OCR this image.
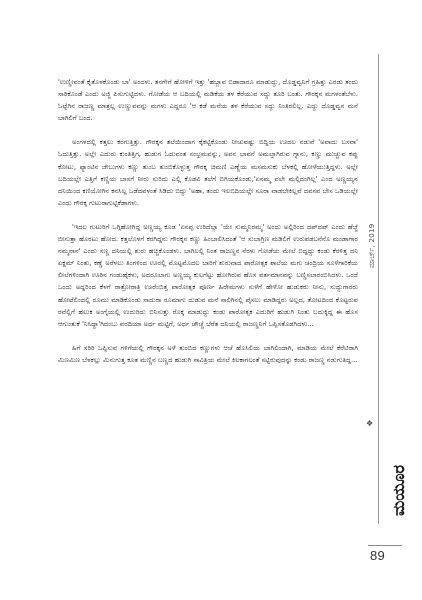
'ಉಣ್ಣೀವಂತೆ ಕೈತೊಳಕೊಂಡು ಬಾ' ಅಂದಳು. ತನಗೇಗೆ ಹೋಳಿಗೆ ಇತ್ತು 'ಹಬ್ಬಾವ ಬಿಡಾದಾರೂ ಮಾಡುದ್ದು, ದೊಡ್ಡವ್ವನಿಗೆ ಗ್ರಹಿತ್ತು ಎರಡು ತಂದು ಸಾರಿಕೊಂಡೆ ಎಂದು ಅಜ್ಜಿ ಪಿಸುಗುಟ್ಟಿದಳು. ಗೋಡೆಯ ಆ ಬದಿಯಲ್ಲಿ ಮಡಿಕೆಯ ತಳ ಕೆರೆಯುವ ಸದ್ದು ತೂರಿ ಬಂತು. ಗೌರಕ್ಕನ ಮಗಳಂತೆಬೆಳು. ಓಟ್ಟೆಗಿನ ರಾಜಣ್ಣ ಮಾತ್ರಲ್ಲ ಉಣ್ಣುವವನ್ನು ಮಗಳು ಎದ್ದರೂ 'ಆ ಕಡೆ ಮನೆಯ ತಳ ಕೆರೆಯುವ ಸದ್ದು ನಿಂತಿರಲಿಲ್ಲ. ಎದ್ದು ದೊಡ್ಡವ್ವನ ಮನೆ ಬಾಗಿಲಿಗೆ ಬಂದ.

ಅಂಗಳದಲ್ಲಿ ಕತ್ತಲು ಕರಗುತ್ತಿತ್ತು. ಗೌರಕ್ಕನ ತಲೆಯಿಂದಾಗ ಕೈಕಟ್ಟಿಕೊಂಡು ನೀಚುವಷ್ಟು ಬಿದ್ದಿಯ ಊದಲ ನಡುವೆ 'ಅವಾದು ಬಸವಾ' ಓದುತ್ತಿತ್ತು. ಅಲ್ಲೇ ಎದುರು ಕುಂತಿತ್ತಿಗ, ಹುಡುಗ ಓದುವಂತ ಸಂಭ್ರಮವನ್ನು, ಅವನ ಭಾವನೆ ಅಮಲ್ತಾಗಿರುವ ಗ್ನಾನು, ಕಣ್ಣು ಮುಚ್ಚುವ ಕಪ್ಪು ಕೋಟು, ಫ್ಯಾಂಟಿನ ಜೇಬುಗಳು ಕಣ್ಣು ತುಂಬ ತುಂಬಿಕೊಳ್ಳುತ್ತ ಗೌರಕ್ಕ ಚಿಮಣಿ ಎಣ್ಣೆಯ ಮಸಮಸುಕು ಬೆಳಕಲ್ಲಿ ಹೋಳೆಯುತ್ತಿದ್ದಳು. ಅಲ್ಲೇ ಬದಿಯಲ್ಲೇ ಎತ್ತಿಗೆ ಕಣ್ಣಿಯ ಬಾಸಗೆ ನೀರು ಸುರಿದು ಎಲ್ಲಿ ಕೊಡವಿ ತಲೆಗೆ ಬಿಗಿಯಕೊಂಡು,'ಏನಮ್ಮ ವಲೇ ಮಲ್ಗಿದಂಗಿಲ್ಲ' ಎಂದ ಅಣ್ಣಯ್ಯನ ದನಿಯಿಂದ ಕಣಿಯೋಗಿನ ಕನಸಿಲ್ಲ ಒಡೆದವಳಂತೆ ಸಿಡಿದು ಬಿದ್ದು 'ಅಹಾ, ತಂದು ಇಲಬಿದಿಯಲ್ಲೇ ಸೂರಾ ವಾಡಬೇಕಿಲ್ಲವೆ ದವಸವ ಬೇಸ ಒಡಿಯಲ್ಲೇ ಎಂದು ಗೌರಕ್ಕ ಗುಟುರಾಗುಟ್ಟಿಕೆಡಾಗಳು.

'ಇದಲ ಗುಟುರಿಗೆ ಒಗ್ಗಿಹೋಗಿದ್ದ ಅಣ್ಣಯ್ಯ ಕೂಡ 'ಏನಪ್ಪ ಉರಿದೆಲ್ಲಾ 'ಯೇ ಸುಮ್ಮನಿರಮ್ಮ' ಅಂದು ಅಲ್ಲಿರಿಂದ ದಪ್‌ದಪ್ ಎಂದು ಹೆಜ್ಜೆ ಬೀಸುತ್ತಾ ಹೊರಟು ಹೋದ. ಕತ್ತಲೊಳಗೆ ಕರಗಿದ್ದನು ಗೌರಕ್ಕನ ಕಣ್ಣು ಹಿಂಬಾಲಿಸಿದಂತೆ 'ಆ ಸುಬಾಗ್ರಿಣ ಮಡಿಲಿಗೆ ಉರುಪಡಬನೆನೊ ಮಂಡಾಗಾರ ನಮ್ಮನಾನ' ಎಂದು ಸಣ್ಣ ದನಿಯಲ್ಲಿ ಶುರು ಹಚ್ಚಿಕೊಂಡಳು. ಬಾಗಿಲಲ್ಲಿ ನಿಂತ ರಾಜಣ್ಣನ ನೆರಳು ಗೋಡೆಯ ಮೇಲೆ ಬಿದ್ದದ್ದು ಕಂಡು ಕೆರಳಿತ್ತ ದನಿ ಏಕ್ದಮ್ ನಿಂತು, ಕಣ್ಣೆ ಅರೆಳಲು ತಿಂಗಳಿಂದ ಊರಲ್ಲಿ ಮೊಟ್ಟಮೊದಲ ಬಾರಿಗೆ ಶುರುವಾದ ಪಾರೋತ್ಸಕ ಶಾಲೆಯ ಮಗು ಚಂದ್ರಿಯ ಸೂಳೆಗಾರಿಕೆಯ ಲೀಲೆಗಳಿಂದಾಗಿ ಊರಿನ ಗಂಡುಹೈಕಳು, ಅದರೂಲಾಗು ಅಣ್ಣಯ್ಯ ಕುಲಗೆಟ್ಟು ಹೋಗಿರುವ ಹೊಸ ವರ್ತಮಾನವನ್ನು ಬಣ್ಣಿಸಲಾರಂಬಿಸಿದಳು. ಒಂದೆ ಒಂದು ಅದ್ದರಿಂದ ಕೆಳಗೆ ರಾತ್ರೋರಾತ್ರಿ ಊರೆಂಬಿತ್ತ ಪಾರೋತ್ಸಕ ಪೂರ್ಣ ಹಿರೇಮಗಳು ಸುಳೆಗೆ ಹೇಳೋ ಹುಡುಕರು ನೀನು, ಸುದ್ದುಗಾರರು ಹೋಟೆಲಿಂದಲ್ಲಿ ರೂಮು ಮಾಡಿಕೊಂಡು ಸಾದುರಾ ರೂಮಾಗು ದುಡುವ ಮನೆ ಸಾಲಿಗಿನಲ್ಲಿ ಪೈಸಲು ಮಾಡಿದ್ದರು ಅಲ್ಲದ, ತೋಟದಿಂದ ಕೊಟ್ಟರುವ ರವೆಲ್ಲಿಗೆ ಹಲುಕ ಅಂಗೈಯಲ್ಲಿ ಉದುರಿದು ಬಿನಿಸುತ್ತು ರೊಕ್ಕ ಮಾಡುದ್ದು ಕಂಡು ಪಾರೋತ್ಸಕ ಎದುರಿಗೆ ಹುಡುಗಿ ನಿಂತು ಬದುಕ್ಕಿದ್ದ ಈ ಹೊಸ ಆಗುಂತುಕೆ 'ನಿಸಿದ್ಧಾ'ಗಿದಂಬು ವರದಿಯಾ ಅರ್ಧ ಮಟ್ಟಿಗೆ, ಅರ್ಧ ಚೌಚ್ಚೆ ಬೆರೆತ ದನಿಯಲ್ಲಿ ರಾಜಣ್ಣನಿಗೆ ಒಪ್ಪಿಸತೊಡಗಿದಳು...

ಹಿಗೆ ಸರಿರಿ ಒಪ್ಪಿಸುವ ಗಳಿಗೆಯಲ್ಲಿ ಗೌರಕ್ಕನ ಅಳೆ ತುಂಬಿದ ಕಣ್ಣುಗಳು ಆಚೆ ಹೊಸಿಲಿಯ ಬಾಗಿಲಿಂದಾಗಿ, ಮಾಡಿಯ ಮೇಲೆ ಕೆರೆಟಿರಾಗಿ ಮಿಣಮಿಣ ಬೆಳಕಲ್ಲು ಮಿನುಗುತ್ತ ಕೂತ ಮಣ್ಣಿನ ಬಣ್ಣದ ಹುಡುಗಿ ಸಾವಿತ್ರಿಯ ಮೇಲೆ ಕಿಲಕಾಗಲಂತೆ ಸಟ್ಟಿರುವುದನ್ನು ಕಂಡು ರಾಜಣ್ಣ ನಡುಗುತಿದ್ದ...

ಮಾರ್ಚ್, 2019
❖
ಮಯೂರ
89
